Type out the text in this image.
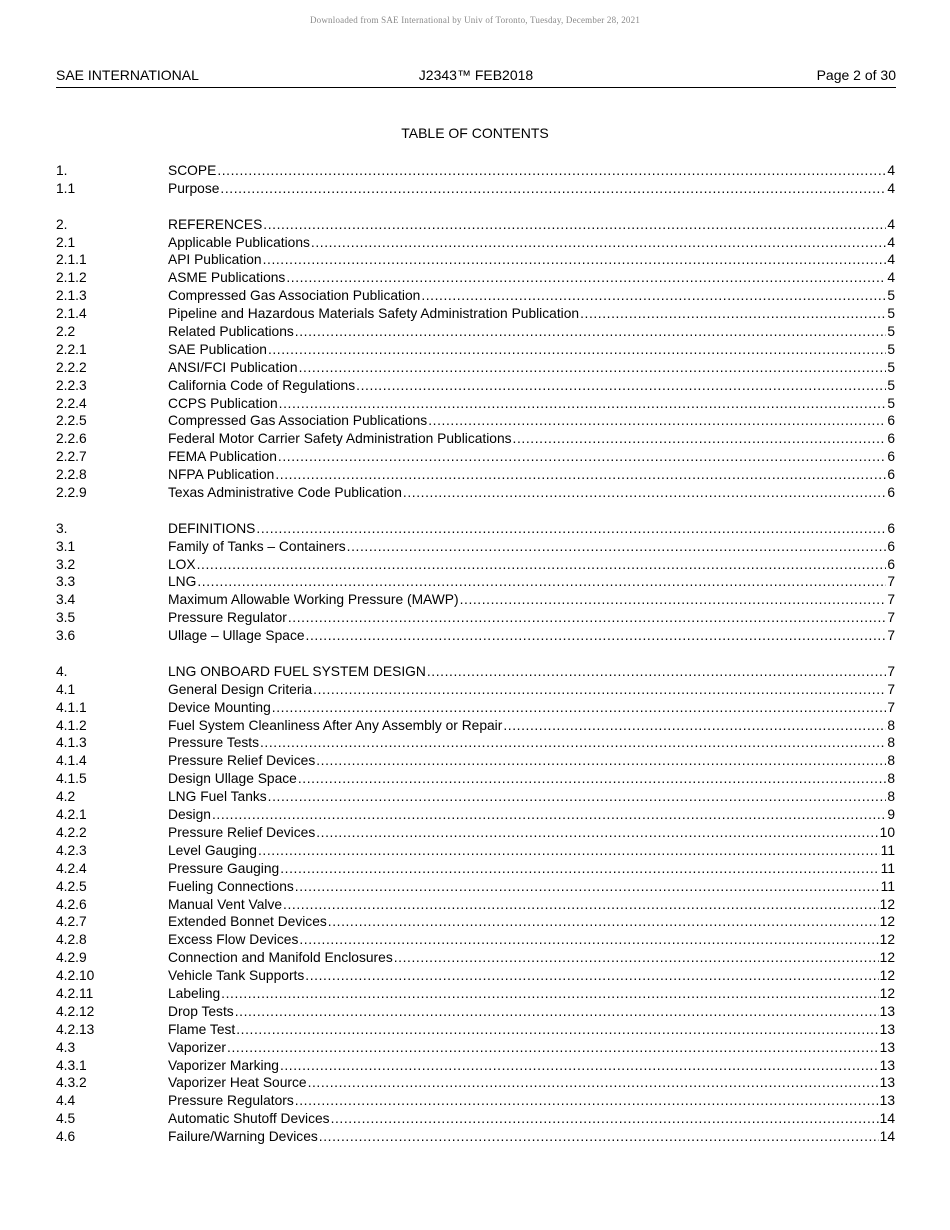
Downloaded from SAE International by Univ of Toronto, Tuesday, December 28, 2021
SAE INTERNATIONAL	J2343™ FEB2018	Page 2 of 30
TABLE OF CONTENTS
1.	SCOPE .....	4
1.1	Purpose .....	4
2.	REFERENCES .....	4
2.1	Applicable Publications .....	4
2.1.1	API Publication .....	4
2.1.2	ASME Publications .....	4
2.1.3	Compressed Gas Association Publication .....	5
2.1.4	Pipeline and Hazardous Materials Safety Administration Publication .....	5
2.2	Related Publications .....	5
2.2.1	SAE Publication .....	5
2.2.2	ANSI/FCI Publication .....	5
2.2.3	California Code of Regulations .....	5
2.2.4	CCPS Publication .....	5
2.2.5	Compressed Gas Association Publications .....	6
2.2.6	Federal Motor Carrier Safety Administration Publications .....	6
2.2.7	FEMA Publication .....	6
2.2.8	NFPA Publication .....	6
2.2.9	Texas Administrative Code Publication .....	6
3.	DEFINITIONS .....	6
3.1	Family of Tanks – Containers .....	6
3.2	LOX .....	6
3.3	LNG .....	7
3.4	Maximum Allowable Working Pressure (MAWP) .....	7
3.5	Pressure Regulator .....	7
3.6	Ullage – Ullage Space .....	7
4.	LNG ONBOARD FUEL SYSTEM DESIGN .....	7
4.1	General Design Criteria .....	7
4.1.1	Device Mounting .....	7
4.1.2	Fuel System Cleanliness After Any Assembly or Repair .....	8
4.1.3	Pressure Tests .....	8
4.1.4	Pressure Relief Devices .....	8
4.1.5	Design Ullage Space .....	8
4.2	LNG Fuel Tanks .....	8
4.2.1	Design .....	9
4.2.2	Pressure Relief Devices .....	10
4.2.3	Level Gauging .....	11
4.2.4	Pressure Gauging .....	11
4.2.5	Fueling Connections .....	11
4.2.6	Manual Vent Valve .....	12
4.2.7	Extended Bonnet Devices .....	12
4.2.8	Excess Flow Devices .....	12
4.2.9	Connection and Manifold Enclosures .....	12
4.2.10	Vehicle Tank Supports .....	12
4.2.11	Labeling .....	12
4.2.12	Drop Tests .....	13
4.2.13	Flame Test .....	13
4.3	Vaporizer .....	13
4.3.1	Vaporizer Marking .....	13
4.3.2	Vaporizer Heat Source .....	13
4.4	Pressure Regulators .....	13
4.5	Automatic Shutoff Devices .....	14
4.6	Failure/Warning Devices .....	14
